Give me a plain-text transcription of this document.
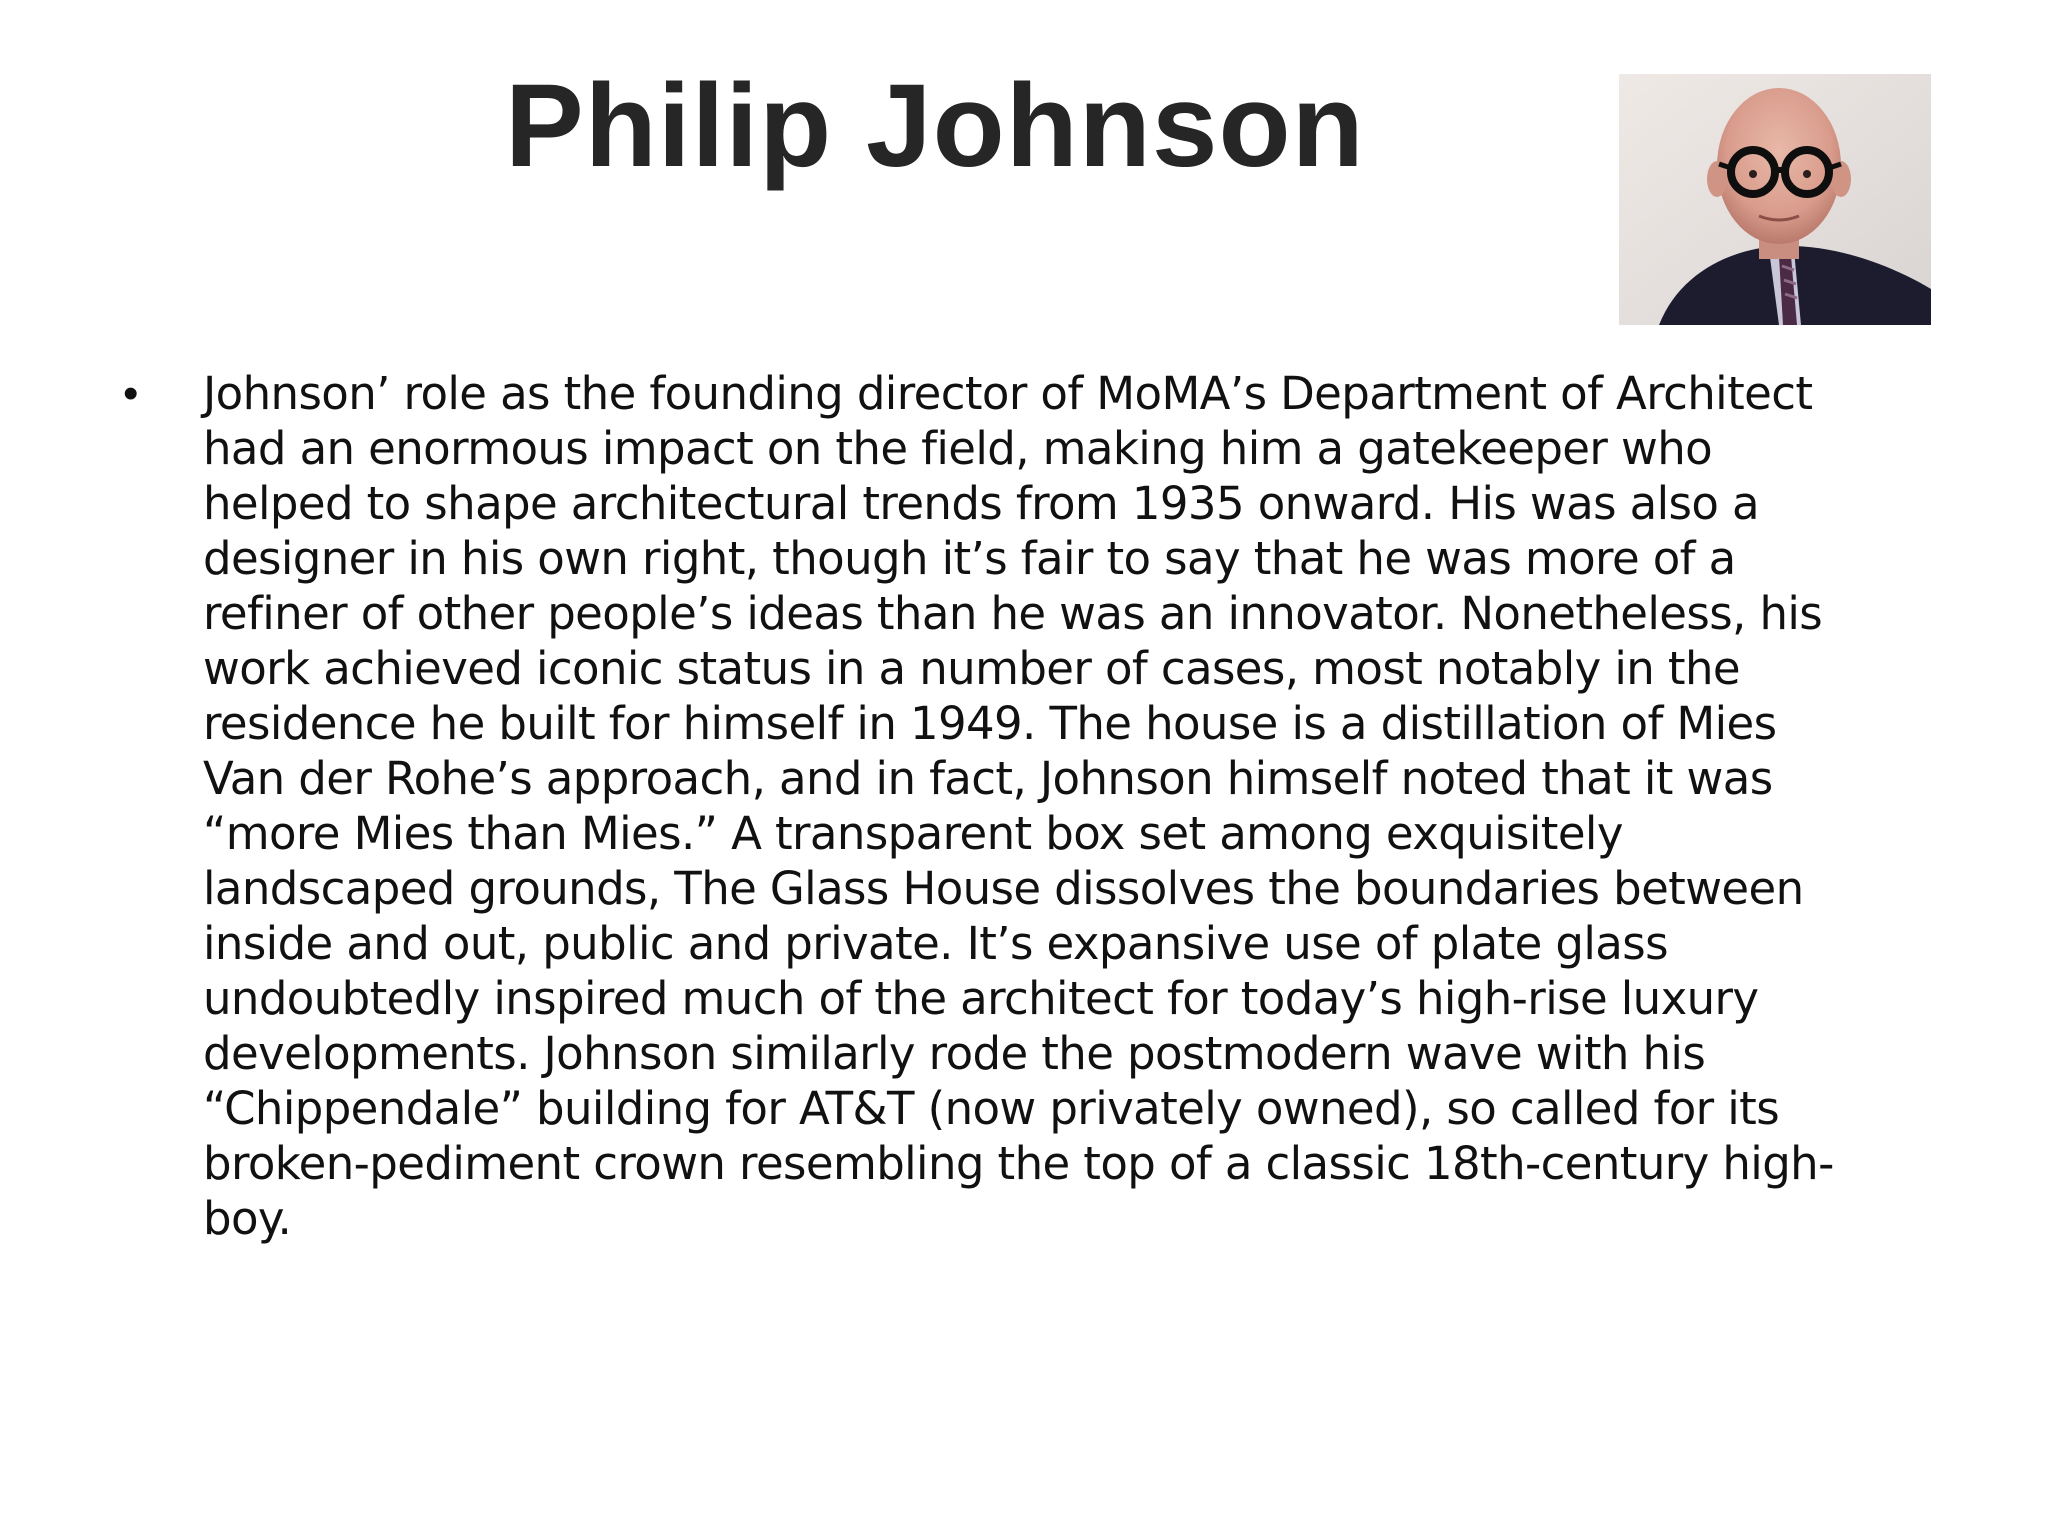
Philip Johnson
• Johnson’ role as the founding director of MoMA’s Department of Architect
had an enormous impact on the field, making him a gatekeeper who
helped to shape architectural trends from 1935 onward. His was also a
designer in his own right, though it’s fair to say that he was more of a
refiner of other people’s ideas than he was an innovator. Nonetheless, his
work achieved iconic status in a number of cases, most notably in the
residence he built for himself in 1949. The house is a distillation of Mies
Van der Rohe’s approach, and in fact, Johnson himself noted that it was
“more Mies than Mies.” A transparent box set among exquisitely
landscaped grounds, The Glass House dissolves the boundaries between
inside and out, public and private. It’s expansive use of plate glass
undoubtedly inspired much of the architect for today’s high-rise luxury
developments. Johnson similarly rode the postmodern wave with his
“Chippendale” building for AT&T (now privately owned), so called for its
broken-pediment crown resembling the top of a classic 18th-century high-
boy.
